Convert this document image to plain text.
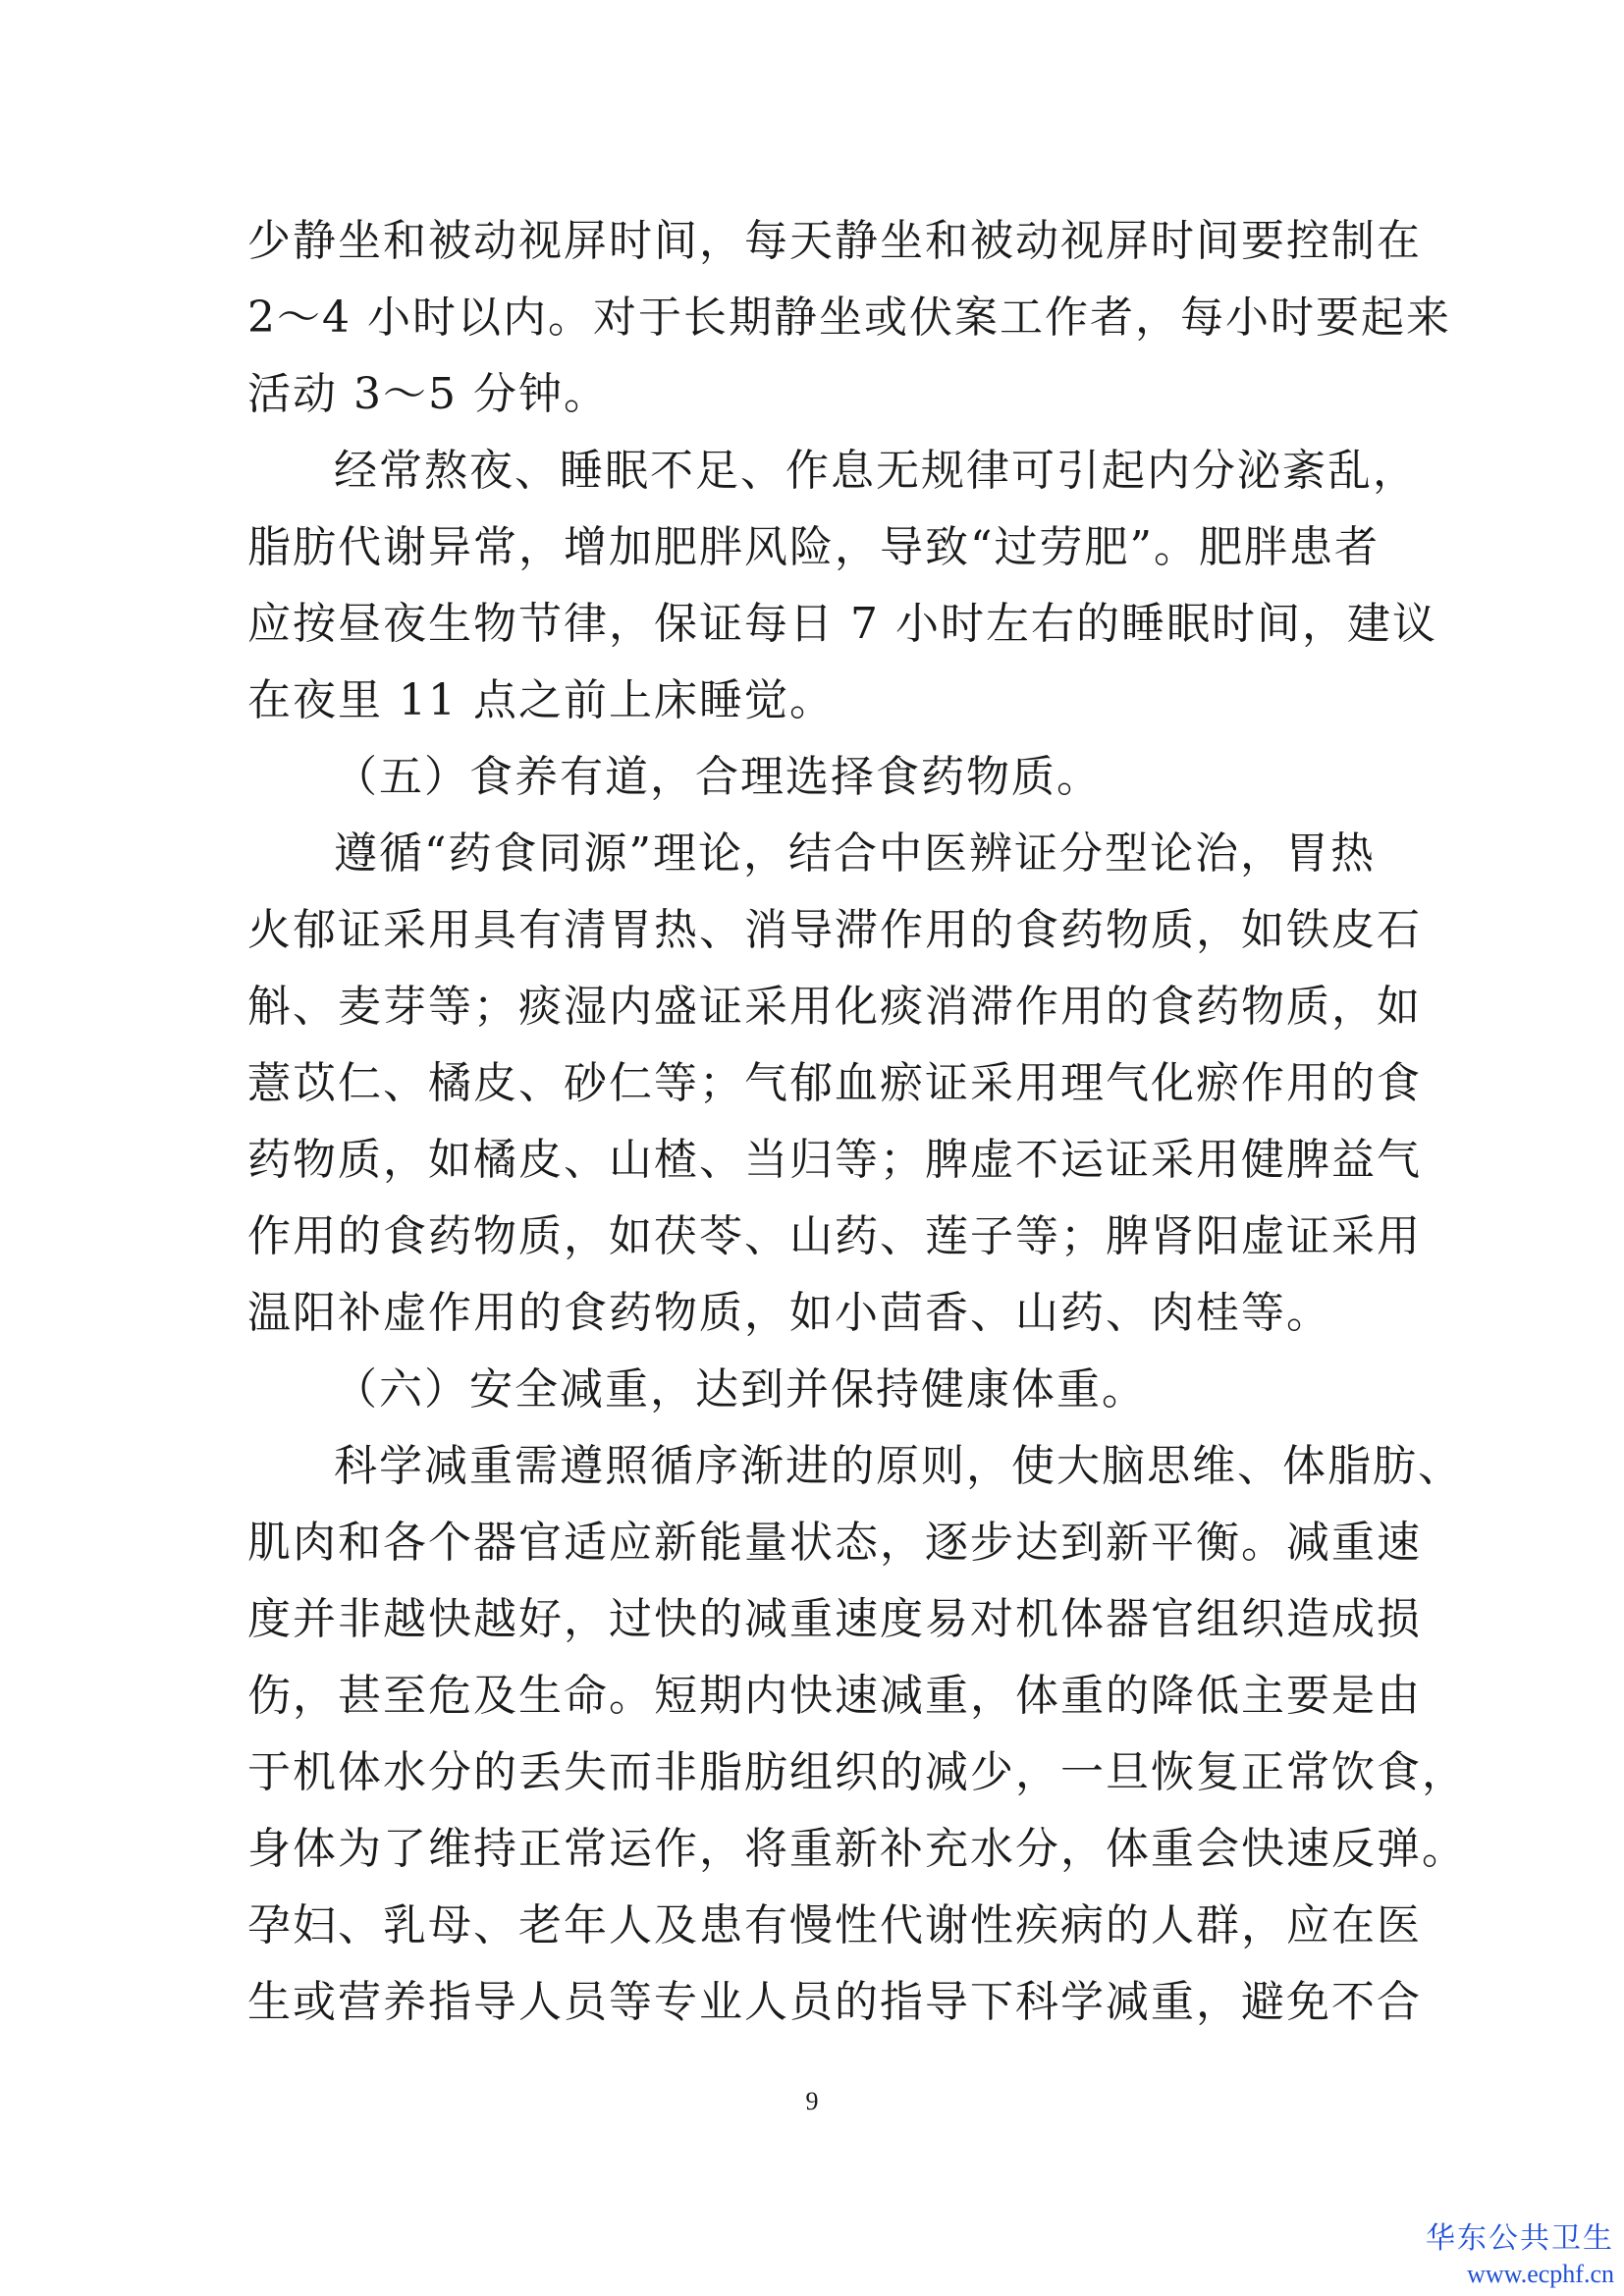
少静坐和被动视屏时间，每天静坐和被动视屏时间要控制在
2～4 小时以内。对于长期静坐或伏案工作者，每小时要起来
活动 3～5 分钟。
经常熬夜、睡眠不足、作息无规律可引起内分泌紊乱，
脂肪代谢异常，增加肥胖风险，导致“过劳肥”。肥胖患者
应按昼夜生物节律，保证每日 7 小时左右的睡眠时间，建议
在夜里 11 点之前上床睡觉。
（五）食养有道，合理选择食药物质。
遵循“药食同源”理论，结合中医辨证分型论治，胃热
火郁证采用具有清胃热、消导滞作用的食药物质，如铁皮石
斛、麦芽等；痰湿内盛证采用化痰消滞作用的食药物质，如
薏苡仁、橘皮、砂仁等；气郁血瘀证采用理气化瘀作用的食
药物质，如橘皮、山楂、当归等；脾虚不运证采用健脾益气
作用的食药物质，如茯苓、山药、莲子等；脾肾阳虚证采用
温阳补虚作用的食药物质，如小茴香、山药、肉桂等。
（六）安全减重，达到并保持健康体重。
科学减重需遵照循序渐进的原则，使大脑思维、体脂肪、
肌肉和各个器官适应新能量状态，逐步达到新平衡。减重速
度并非越快越好，过快的减重速度易对机体器官组织造成损
伤，甚至危及生命。短期内快速减重，体重的降低主要是由
于机体水分的丢失而非脂肪组织的减少，一旦恢复正常饮食，
身体为了维持正常运作，将重新补充水分，体重会快速反弹。
孕妇、乳母、老年人及患有慢性代谢性疾病的人群，应在医
生或营养指导人员等专业人员的指导下科学减重，避免不合
9
华东公共卫生
www.ecphf.cn
